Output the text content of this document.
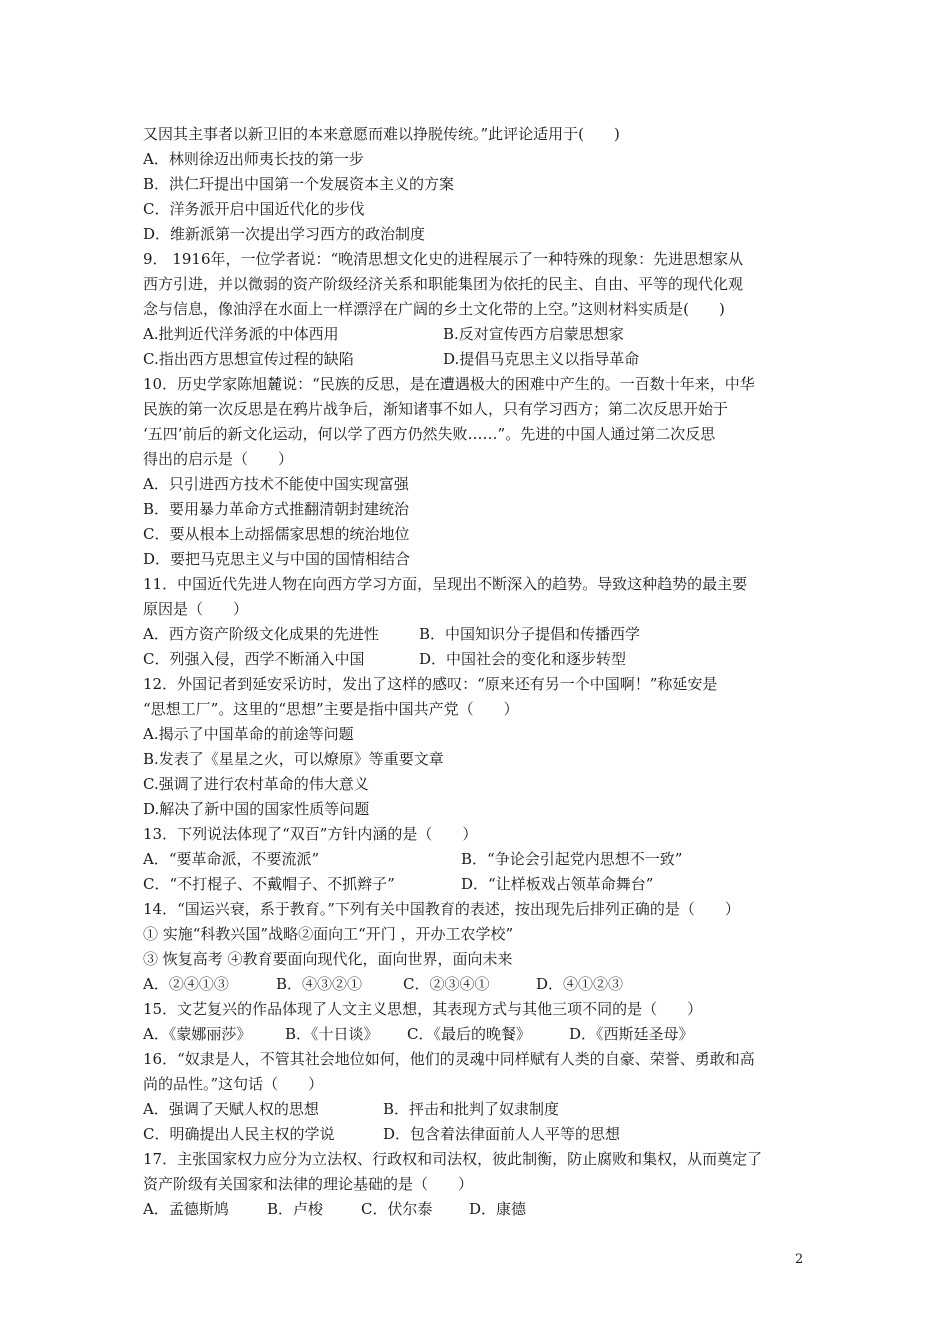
又因其主事者以新卫旧的本来意愿而难以挣脱传统。”此评论适用于(　　)
A．林则徐迈出师夷长技的第一步
B．洪仁玕提出中国第一个发展资本主义的方案
C．洋务派开启中国近代化的步伐
D．维新派第一次提出学习西方的政治制度
9． 1916年，一位学者说：“晚清思想文化史的进程展示了一种特殊的现象：先进思想家从
西方引进，并以微弱的资产阶级经济关系和职能集团为依托的民主、自由、平等的现代化观
念与信息，像油浮在水面上一样漂浮在广阔的乡土文化带的上空。”这则材料实质是(　　)
A.批判近代洋务派的中体西用	B.反对宣传西方启蒙思想家
C.指出西方思想宣传过程的缺陷	D.提倡马克思主义以指导革命
10．历史学家陈旭麓说：“民族的反思，是在遭遇极大的困难中产生的。一百数十年来，中华
民族的第一次反思是在鸦片战争后，渐知诸事不如人，只有学习西方；第二次反思开始于
‘五四’前后的新文化运动，何以学了西方仍然失败……”。先进的中国人通过第二次反思
得出的启示是（　　）
A．只引进西方技术不能使中国实现富强
B．要用暴力革命方式推翻清朝封建统治
C．要从根本上动摇儒家思想的统治地位
D．要把马克思主义与中国的国情相结合
11．中国近代先进人物在向西方学习方面，呈现出不断深入的趋势。导致这种趋势的最主要
原因是（　　）
A．西方资产阶级文化成果的先进性	B．中国知识分子提倡和传播西学
C．列强入侵，西学不断涌入中国	D．中国社会的变化和逐步转型
12．外国记者到延安采访时，发出了这样的感叹：“原来还有另一个中国啊！”称延安是
“思想工厂”。这里的“思想”主要是指中国共产党（　　）
A.揭示了中国革命的前途等问题
B.发表了《星星之火，可以燎原》等重要文章
C.强调了进行农村革命的伟大意义
D.解决了新中国的国家性质等问题
13．下列说法体现了“双百”方针内涵的是（　　）
A．“要革命派，不要流派”	B．“争论会引起党内思想不一致”
C．“不打棍子、不戴帽子、不抓辫子”	D．“让样板戏占领革命舞台”
14．“国运兴衰，系于教育。”下列有关中国教育的表述，按出现先后排列正确的是（　　）
① 实施“科教兴国”战略②面向工“开门 ，开办工农学校”
③ 恢复高考 ④教育要面向现代化，面向世界，面向未来
A．②④①③	B．④③②①	C．②③④①	D．④①②③
15．文艺复兴的作品体现了人文主义思想，其表现方式与其他三项不同的是（　　）
A．《蒙娜丽莎》	B．《十日谈》	C．《最后的晚餐》	D．《西斯廷圣母》
16．“奴隶是人，不管其社会地位如何，他们的灵魂中同样赋有人类的自豪、荣誉、勇敢和高
尚的品性。”这句话（　　）
A．强调了天赋人权的思想	B．抨击和批判了奴隶制度
C．明确提出人民主权的学说	D．包含着法律面前人人平等的思想
17．主张国家权力应分为立法权、行政权和司法权，彼此制衡，防止腐败和集权，从而奠定了
资产阶级有关国家和法律的理论基础的是（　　）
A．孟德斯鸠	B．卢梭	C．伏尔泰	D．康德
2
